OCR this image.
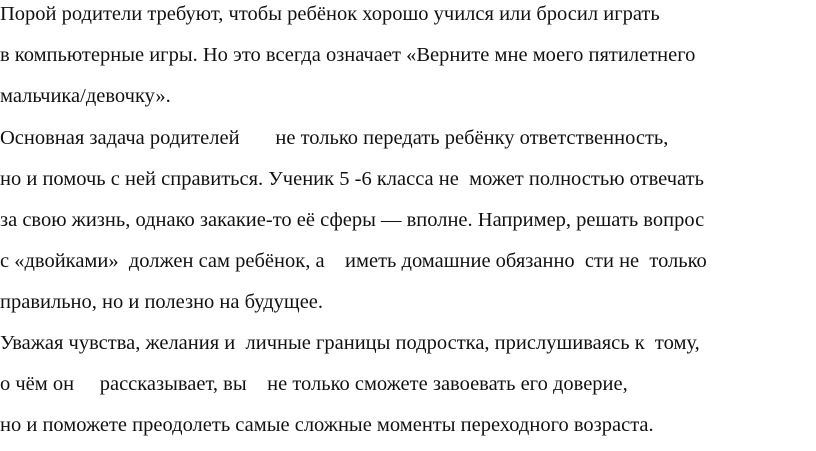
Порой родители требуют, чтобы ребёнок хорошо учился или бросил играть
в компьютерные игры. Но это всегда означает «Верните мне моего пятилетнего
мальчика/девочку».
Основная задача родителей       не только передать ребёнку ответственность,
но и помочь с ней справиться. Ученик 5 -6 класса не  может полностью отвечать
за свою жизнь, однако закакие-то её сферы — вполне. Например, решать вопрос
с «двойками»  должен сам ребёнок, а    иметь домашние обязанно  сти не  только
правильно, но и полезно на будущее.
Уважая чувства, желания и  личные границы подростка, прислушиваясь к  тому,
о чём он     рассказывает, вы    не только сможете завоевать его доверие,
но и поможете преодолеть самые сложные моменты переходного возраста.
